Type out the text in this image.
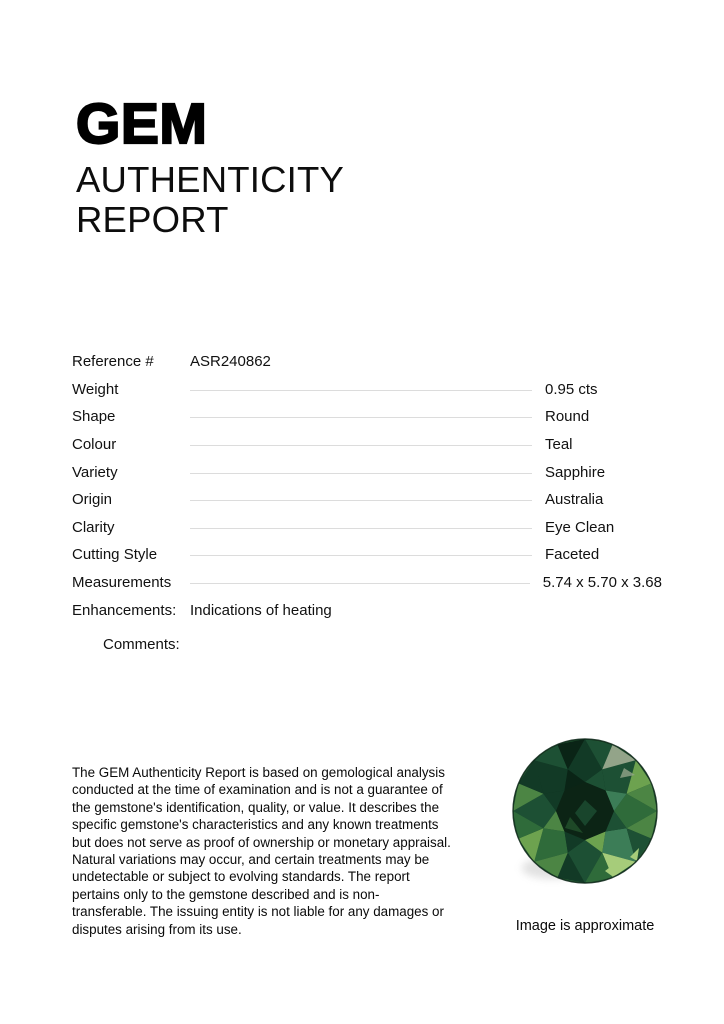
GEM
AUTHENTICITY
REPORT
Reference #	ASR240862
Weight	0.95 cts
Shape	Round
Colour	Teal
Variety	Sapphire
Origin	Australia
Clarity	Eye Clean
Cutting Style	Faceted
Measurements	5.74 x 5.70 x 3.68
Enhancements: Indications of heating
Comments:
The GEM Authenticity Report is based on gemological analysis conducted at the time of examination and is not a guarantee of the gemstone's identification, quality, or value. It describes the specific gemstone's characteristics and any known treatments but does not serve as proof of ownership or monetary appraisal. Natural variations may occur, and certain treatments may be undetectable or subject to evolving standards. The report pertains only to the gemstone described and is non-transferable. The issuing entity is not liable for any damages or disputes arising from its use.	Image is approximate
